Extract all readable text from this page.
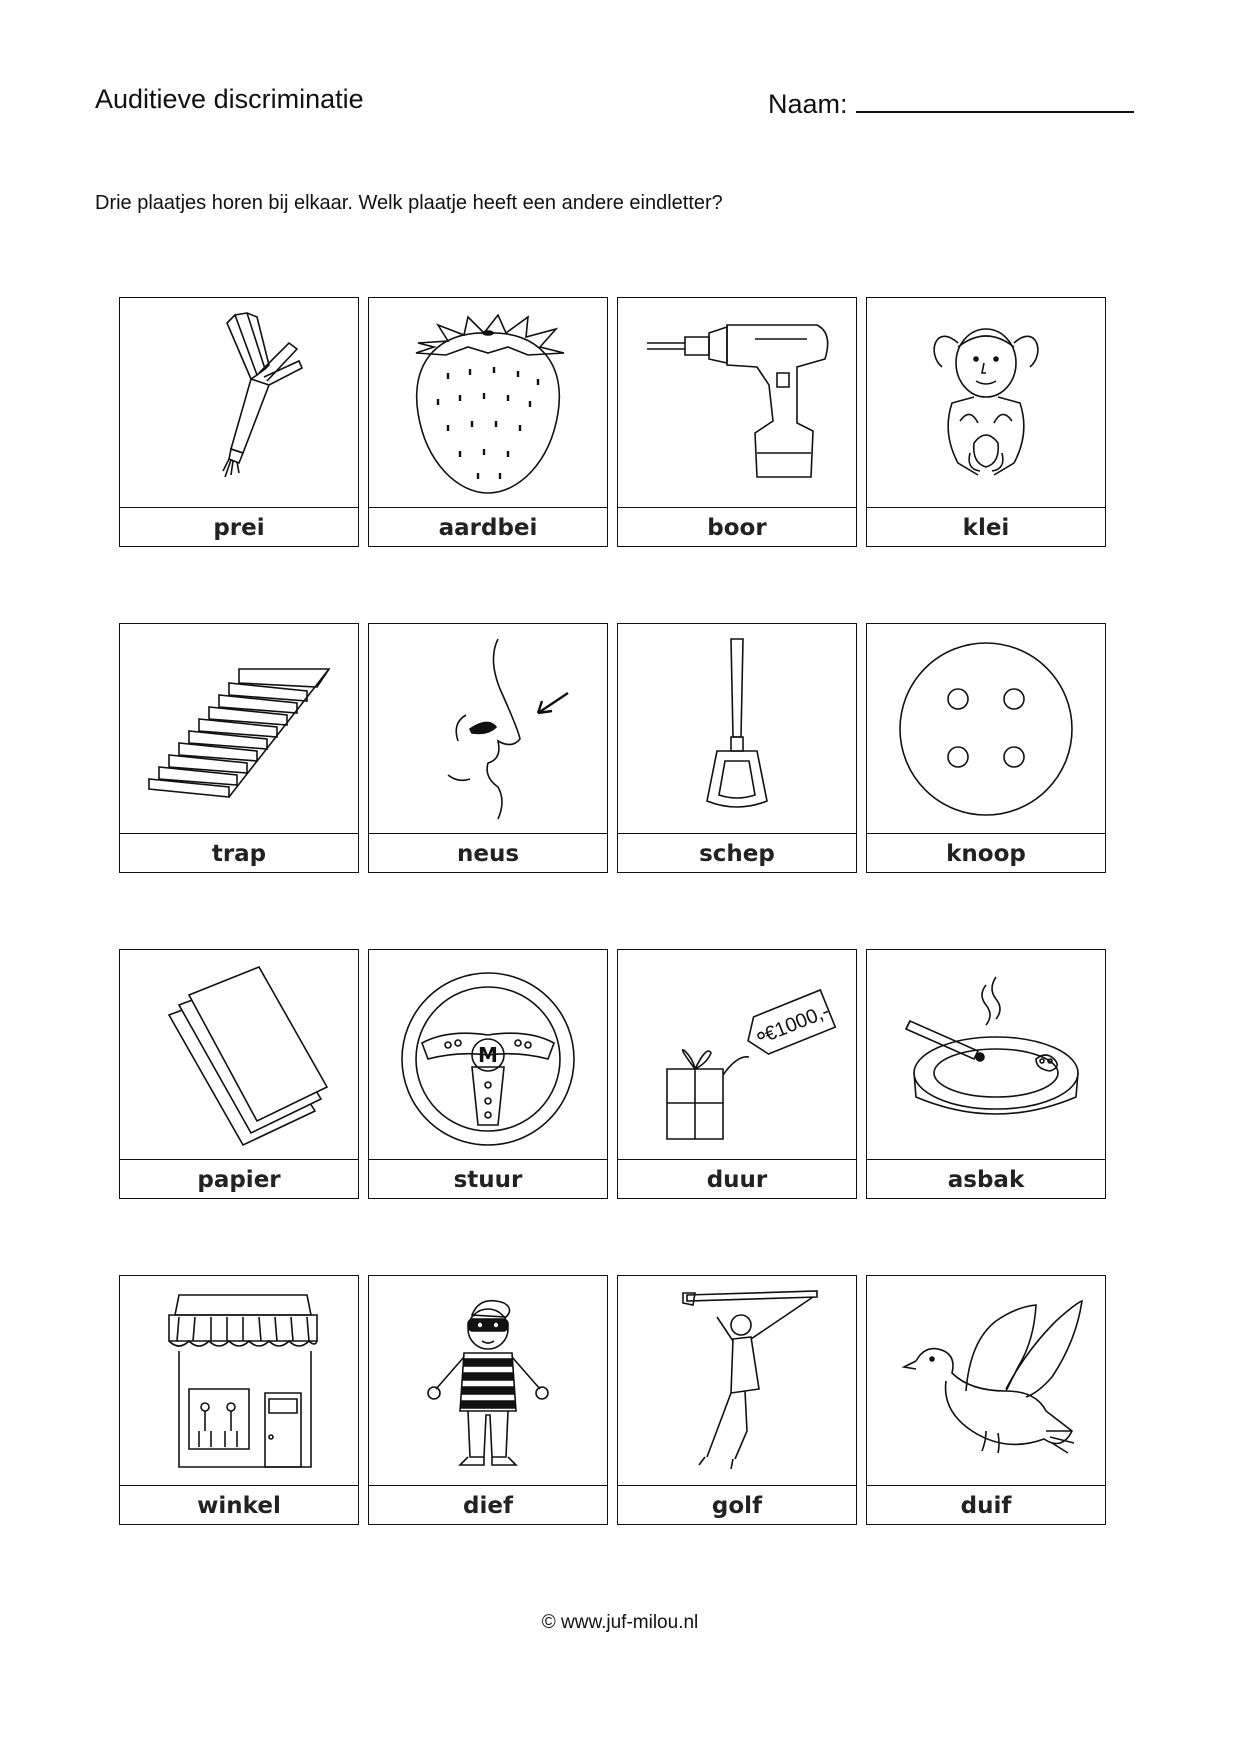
Auditieve discriminatie	Naam:
Drie plaatjes horen bij elkaar. Welk plaatje heeft een andere eindletter?
prei	aardbei	boor	klei
trap	neus	schep	knoop
papier
M
stuur
€1000,-
duur	asbak
winkel	dief	golf	duif
© www.juf-milou.nl
